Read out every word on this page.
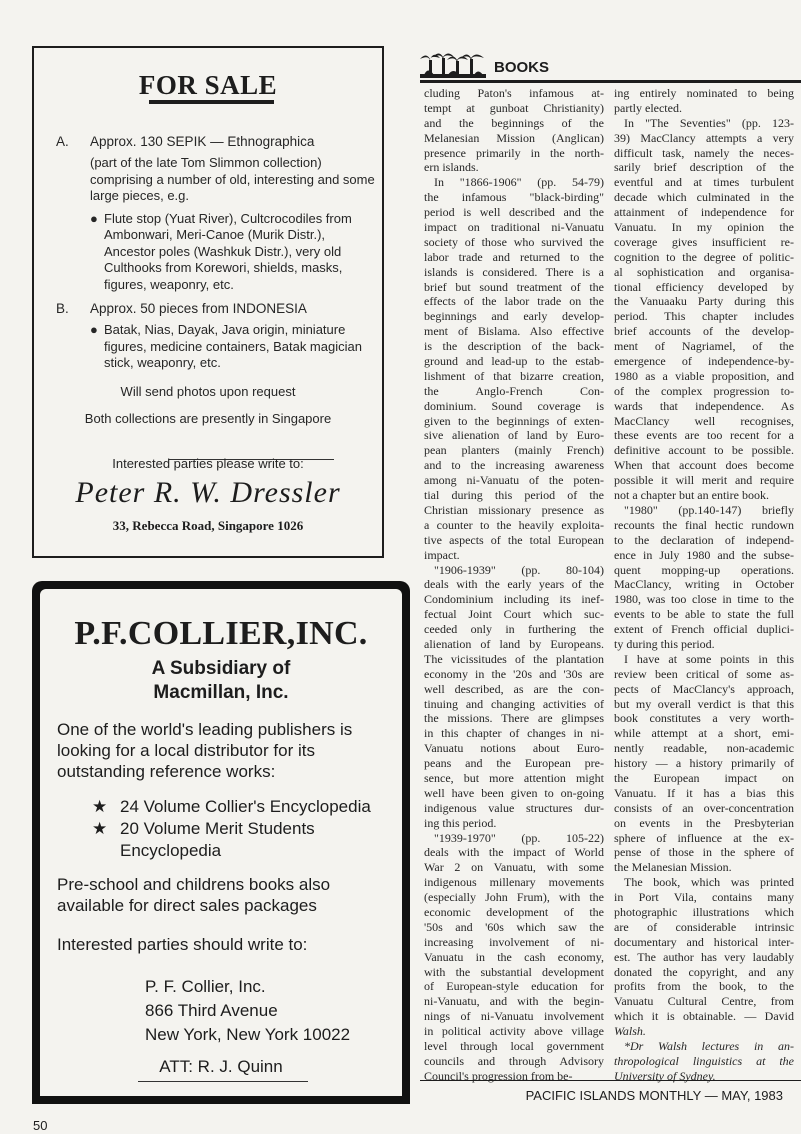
FOR SALE
A.	Approx. 130 SEPIK — Ethnographica
(part of the late Tom Slimmon collection) comprising a number of old, interesting and some large pieces, e.g.
● Flute stop (Yuat River), Cultcrocodiles from Ambonwari, Meri-Canoe (Murik Distr.), Ancestor poles (Washkuk Distr.), very old Culthooks from Korewori, shields, masks, figures, weaponry, etc.
B.	Approx. 50 pieces from INDONESIA
● Batak, Nias, Dayak, Java origin, miniature figures, medicine containers, Batak magician stick, weaponry, etc.
Will send photos upon request
Both collections are presently in Singapore
Interested parties please write to:
Peter R. W. Dressler
33, Rebecca Road, Singapore 1026
P.F.COLLIER,INC.
A Subsidiary of
Macmillan, Inc.
One of the world's leading publishers is looking for a local distributor for its outstanding reference works:
★ 24 Volume Collier's Encyclopedia
★ 20 Volume Merit Students Encyclopedia
Pre-school and childrens books also available for direct sales packages
Interested parties should write to:
P. F. Collier, Inc.
866 Third Avenue
New York, New York 10022
ATT: R. J. Quinn
BOOKS
cluding Paton's infamous at-
tempt at gunboat Christianity)
and the beginnings of the
Melanesian Mission (Anglican)
presence primarily in the north-
ern islands.
In "1866-1906" (pp. 54-79)
the infamous "black-birding"
period is well described and the
impact on traditional ni-Vanuatu
society of those who survived the
labor trade and returned to the
islands is considered. There is a
brief but sound treatment of the
effects of the labor trade on the
beginnings and early develop-
ment of Bislama. Also effective
is the description of the back-
ground and lead-up to the estab-
lishment of that bizarre creation,
the Anglo-French Con-
dominium. Sound coverage is
given to the beginnings of exten-
sive alienation of land by Euro-
pean planters (mainly French)
and to the increasing awareness
among ni-Vanuatu of the poten-
tial during this period of the
Christian missionary presence as
a counter to the heavily exploita-
tive aspects of the total European
impact.
"1906-1939" (pp. 80-104)
deals with the early years of the
Condominium including its inef-
fectual Joint Court which suc-
ceeded only in furthering the
alienation of land by Europeans.
The vicissitudes of the plantation
economy in the '20s and '30s are
well described, as are the con-
tinuing and changing activities of
the missions. There are glimpses
in this chapter of changes in ni-
Vanuatu notions about Euro-
peans and the European pre-
sence, but more attention might
well have been given to on-going
indigenous value structures dur-
ing this period.
"1939-1970" (pp. 105-22)
deals with the impact of World
War 2 on Vanuatu, with some
indigenous millenary movements
(especially John Frum), with the
economic development of the
'50s and '60s which saw the
increasing involvement of ni-
Vanuatu in the cash economy,
with the substantial development
of European-style education for
ni-Vanuatu, and with the begin-
nings of ni-Vanuatu involvement
in political activity above village
level through local government
councils and through Advisory
Council's progression from be-
ing entirely nominated to being
partly elected.
In "The Seventies" (pp. 123-
39) MacClancy attempts a very
difficult task, namely the neces-
sarily brief description of the
eventful and at times turbulent
decade which culminated in the
attainment of independence for
Vanuatu. In my opinion the
coverage gives insufficient re-
cognition to the degree of politic-
al sophistication and organisa-
tional efficiency developed by
the Vanuaaku Party during this
period. This chapter includes
brief accounts of the develop-
ment of Nagriamel, of the
emergence of independence-by-
1980 as a viable proposition, and
of the complex progression to-
wards that independence. As
MacClancy well recognises,
these events are too recent for a
definitive account to be possible.
When that account does become
possible it will merit and require
not a chapter but an entire book.
"1980" (pp.140-147) briefly
recounts the final hectic rundown
to the declaration of independ-
ence in July 1980 and the subse-
quent mopping-up operations.
MacClancy, writing in October
1980, was too close in time to the
events to be able to state the full
extent of French official duplici-
ty during this period.
I have at some points in this
review been critical of some as-
pects of MacClancy's approach,
but my overall verdict is that this
book constitutes a very worth-
while attempt at a short, emi-
nently readable, non-academic
history — a history primarily of
the European impact on
Vanuatu. If it has a bias this
consists of an over-concentration
on events in the Presbyterian
sphere of influence at the ex-
pense of those in the sphere of
the Melanesian Mission.
The book, which was printed
in Port Vila, contains many
photographic illustrations which
are of considerable intrinsic
documentary and historical inter-
est. The author has very laudably
donated the copyright, and any
profits from the book, to the
Vanuatu Cultural Centre, from
which it is obtainable. — David
Walsh.
*Dr Walsh lectures in an-
thropological linguistics at the
University of Sydney.
PACIFIC ISLANDS MONTHLY — MAY, 1983
50
